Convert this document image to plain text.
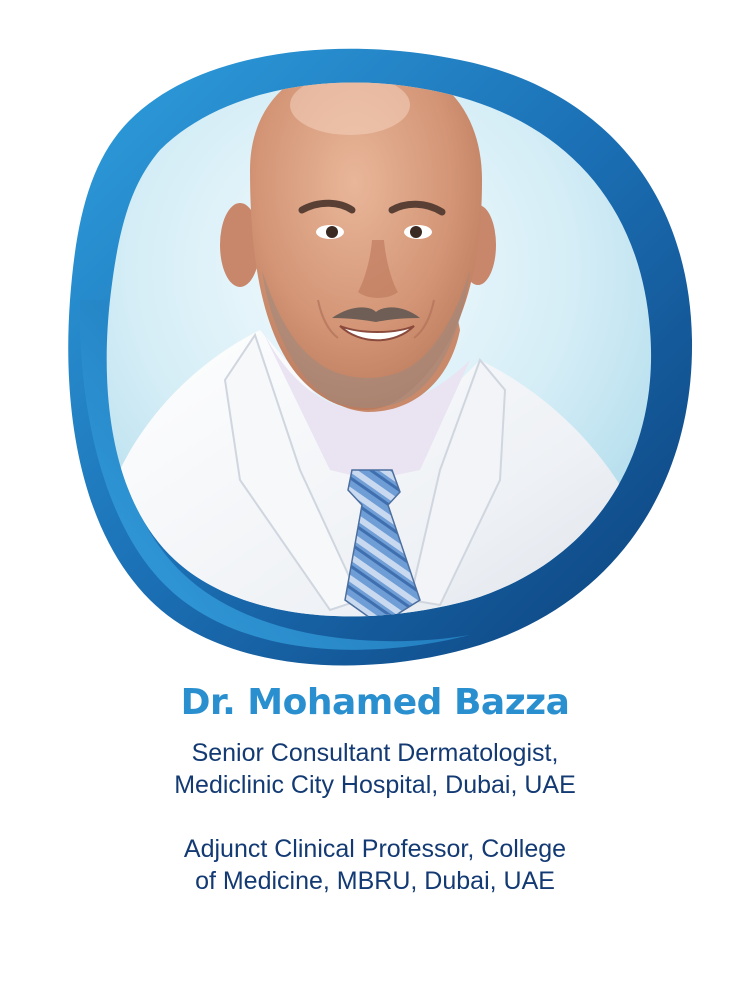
Dr. Mohamed Bazza

Senior Consultant Dermatologist,
Mediclinic City Hospital, Dubai, UAE

Adjunct Clinical Professor, College
of Medicine, MBRU, Dubai, UAE
